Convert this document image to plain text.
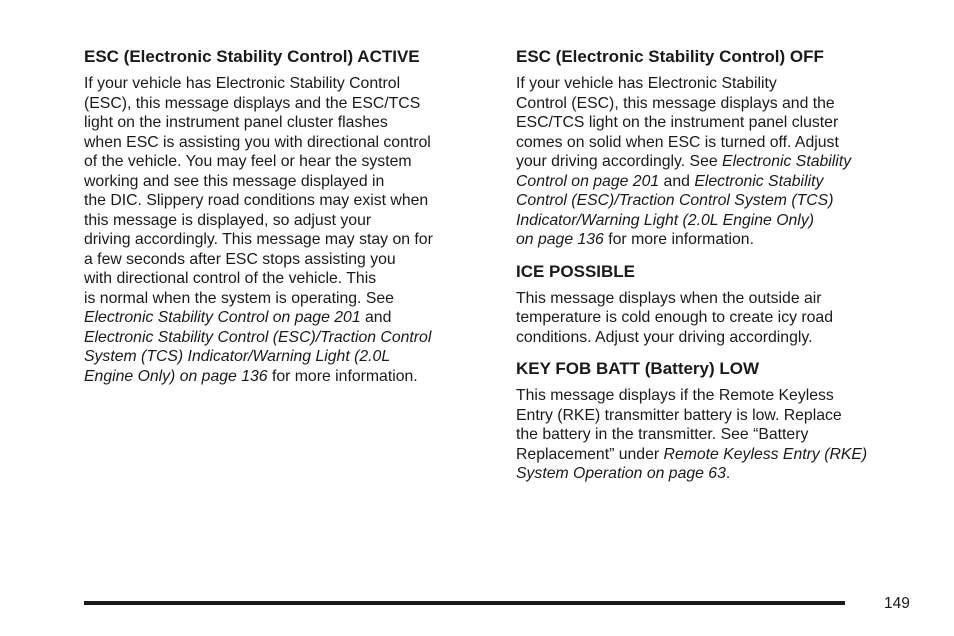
ESC (Electronic Stability Control) ACTIVE
If your vehicle has Electronic Stability Control
(ESC), this message displays and the ESC/TCS
light on the instrument panel cluster flashes
when ESC is assisting you with directional control
of the vehicle. You may feel or hear the system
working and see this message displayed in
the DIC. Slippery road conditions may exist when
this message is displayed, so adjust your
driving accordingly. This message may stay on for
a few seconds after ESC stops assisting you
with directional control of the vehicle. This
is normal when the system is operating. See
Electronic Stability Control on page 201 and
Electronic Stability Control (ESC)/Traction Control
System (TCS) Indicator/Warning Light (2.0L
Engine Only) on page 136 for more information.
ESC (Electronic Stability Control) OFF
If your vehicle has Electronic Stability
Control (ESC), this message displays and the
ESC/TCS light on the instrument panel cluster
comes on solid when ESC is turned off. Adjust
your driving accordingly. See Electronic Stability
Control on page 201 and Electronic Stability
Control (ESC)/Traction Control System (TCS)
Indicator/Warning Light (2.0L Engine Only)
on page 136 for more information.
ICE POSSIBLE
This message displays when the outside air
temperature is cold enough to create icy road
conditions. Adjust your driving accordingly.
KEY FOB BATT (Battery) LOW
This message displays if the Remote Keyless
Entry (RKE) transmitter battery is low. Replace
the battery in the transmitter. See “Battery
Replacement” under Remote Keyless Entry (RKE)
System Operation on page 63.
149
